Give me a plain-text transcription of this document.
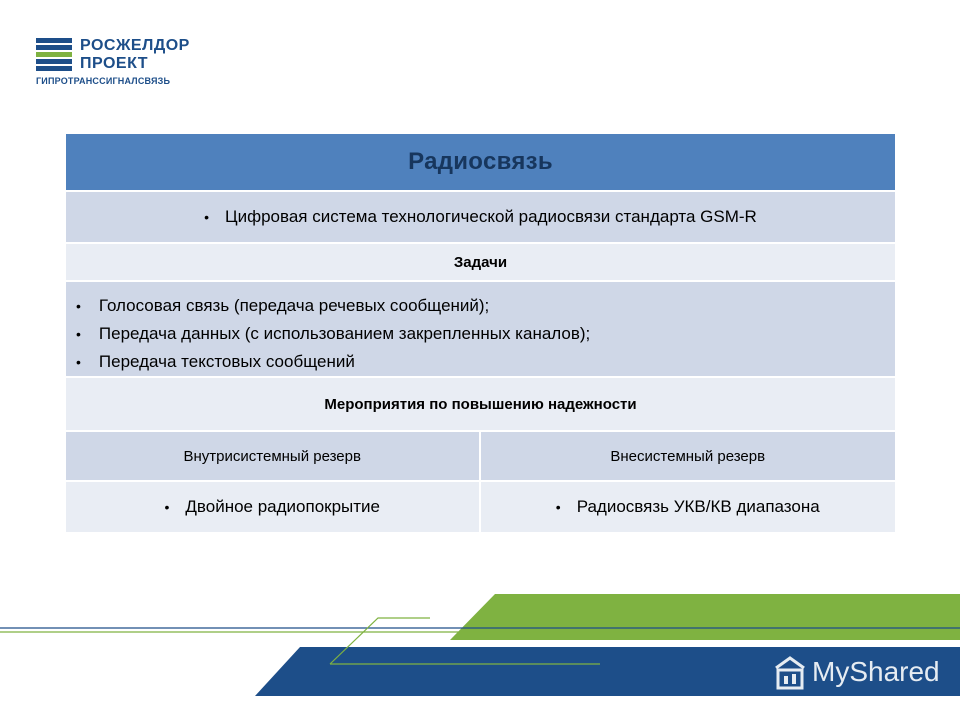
РОСЖЕЛДОР
ПРОЕКТ
ГИПРОТРАНССИГНАЛСВЯЗЬ
Радиосвязь
• Цифровая система технологической радиосвязи стандарта GSM-R
Задачи
• Голосовая связь (передача речевых сообщений);
• Передача данных (с использованием закрепленных каналов);
• Передача текстовых сообщений
Мероприятия по повышению надежности
Внутрисистемный резерв	Внесистемный резерв
• Двойное радиопокрытие	• Радиосвязь УКВ/КВ диапазона
MyShared
